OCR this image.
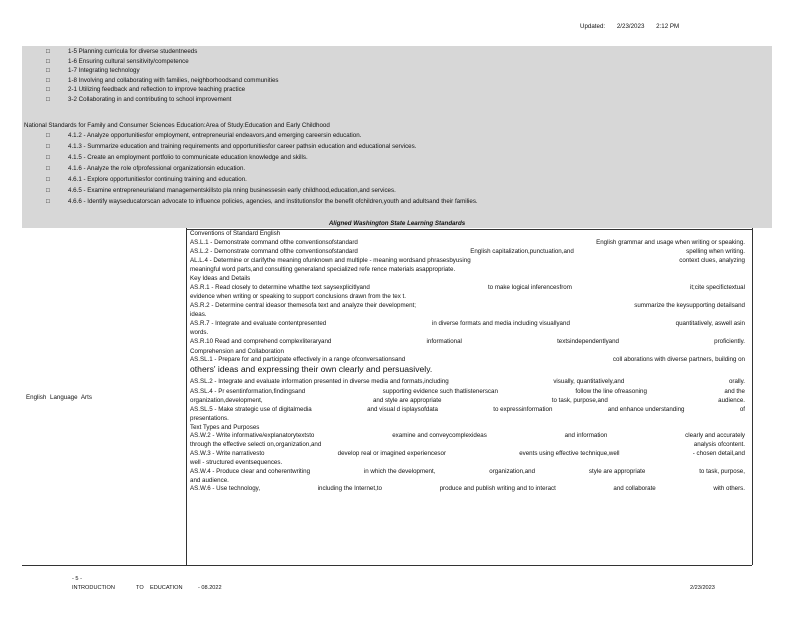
Updated: 2/23/2023 2:12 PM
□	1-5 Planning curricula for diverse studentneeds
□	1-6 Ensuring cultural sensitivity/competence
□	1-7 Integrating technology
□	1-8 Involving and collaborating with families, neighborhoodsand communities
□	2-1 Utilizing feedback and reflection to improve teaching practice
□	3-2 Collaborating in and contributing to school improvement
National Standards for Family and Consumer Sciences Education:Area of Study:Education and Early Childhood
□	4.1.2 - Analyze opportunitiesfor employment, entrepreneurial endeavors,and emerging careersin education.
□	4.1.3 - Summarize education and training requirements and opportunitiesfor career pathsin education and educational services.
□	4.1.5 - Create an employment portfolio to communicate education knowledge and skills.
□	4.1.6 - Analyze the role ofprofessional organizationsin education.
□	4.6.1 - Explore opportunitiesfor continuing training and education.
□	4.6.5 - Examine entrepreneurialand managementskillsto pla nning businessesin early childhood,education,and services.
□	4.6.6 - Identify wayseducatorscan advocate to influence policies, agencies, and institutionsfor the benefit ofchildren,youth and adultsand their families.
Aligned Washington State Learning Standards
English Language Arts
Conventions of Standard English
AS.L.1 - Demonstrate command ofthe conventionsofstandard	English grammar and usage when writing or speaking.
AS.L.2 - Demonstrate command ofthe conventionsofstandard	English capitalization,punctuation,and	spelling when writing.
AL.L.4 - Determine or clarifythe meaning ofunknown and multiple - meaning wordsand phrasesbyusing	context clues, analyzing
meaningful word parts,and consulting generaland specialized refe rence materials asappropriate.
Key Ideas and Details
AS.R.1 - Read closely to determine whatthe text saysexplicitlyand	to make logical inferencesfrom	it;cite specifictextual
evidence when writing or speaking to support conclusions drawn from the tex t.
AS.R.2 - Determine central ideasor themesofa text and analyze their development;	summarize the keysupporting detailsand
ideas.
AS.R.7 - Integrate and evaluate contentpresented	in diverse formats and media including visuallyand	quantitatively, aswell asin
words.
AS.R.10 Read and comprehend complexliteraryand	informational	textsindependentlyand	proficiently.
Comprehension and Collaboration
AS.SL.1 - Prepare for and participate effectively in a range ofconversationsand	coll aborations with diverse partners, building on
others' ideas and expressing their own clearly and persuasively.
AS.SL.2 - Integrate and evaluate information presented in diverse media and formats,including	visually, quantitatively,and	orally.
AS.SL.4 - Pr esentinformation,findingsand	supporting evidence such thatlistenerscan	follow the line ofreasoning	and the
organization,development,	and style are appropriate	to task, purpose,and	audience.
AS.SL.5 - Make strategic use of digitalmedia	and visual d isplaysofdata	to expressinformation	and enhance understanding	of
presentations.
Text Types and Purposes
AS.W.2 - Write informative/explanatorytextsto	examine and conveycomplexideas	and information	clearly and accurately
through the effective selecti on,organization,and	analysis ofcontent.
AS.W.3 - Write narrativesto	develop real or imagined experiencesor	events using effective technique,well	- chosen detail,and
well - structured eventsequences.
AS.W.4 - Produce clear and coherentwriting	in which the development,	organization,and	style are appropriate	to task, purpose,
and audience.
AS.W.6 - Use technology,	including the Internet,to	produce and publish writing and to interact	and collaborate	with others.
- 5 -
INTRODUCTION	TO EDUCATION	- 08.2022	2/23/2023
